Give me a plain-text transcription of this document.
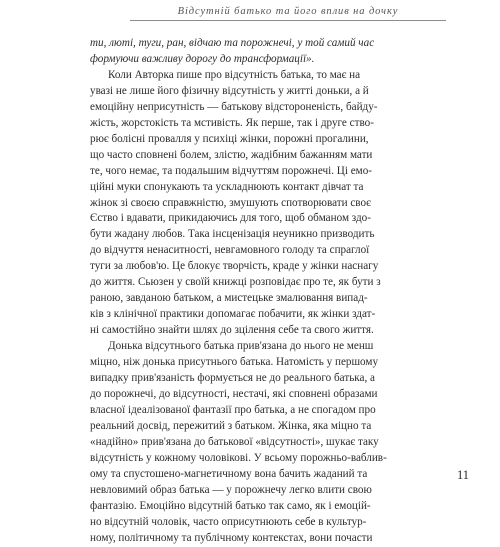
Відсутній батько та його вплив на дочку

ти, люті, туги, ран, відчаю та порожнечі, у той самий час
формуючи важливу дорогу до трансформації».

Коли Авторка пише про відсутність батька, то має на
увазі не лише його фізичну відсутність у житті доньки, а й
емоційну неприсутність — батькову відстороненість, байду-
жість, жорстокість та мстивість. Як перше, так і друге ство-
рює болісні провалля у психіці жінки, порожні прогалини,
що часто сповнені болем, злістю, жадібним бажанням мати
те, чого немає, та подальшим відчуттям порожнечі. Ці емо-
ційні муки спонукають та ускладнюють контакт дівчат та
жінок зі своєю справжністю, змушують спотворювати своє
Єство і вдавати, прикидаючись для того, щоб обманом здо-
бути жадану любов. Така інсценізація неуникно призводить
до відчуття ненаситності, невгамовного голоду та спраглої
туги за любов'ю. Це блокує творчість, краде у жінки наснагу
до життя. Сьюзен у своїй книжці розповідає про те, як бути з
раною, завданою батьком, а мистецьке змалювання випад-
ків з клінічної практики допомагає побачити, як жінки здат-
ні самостійно знайти шлях до зцілення себе та свого життя.

Донька відсутнього батька прив'язана до нього не менш
міцно, ніж донька присутнього батька. Натомість у першому
випадку прив'язаність формується не до реального батька, а
до порожнечі, до відсутності, нестачі, які сповнені образами
власної ідеалізованої фантазії про батька, а не спогадом про
реальний досвід, пережитий з батьком. Жінка, яка міцно та
«надійно» прив'язана до батькової «відсутності», шукає таку
відсутність у кожному чоловікові. У всьому порожньо-ваблив-
ому та спустошено-магнетичному вона бачить жаданий та
невловимий образ батька — у порожнечу легко влити свою
фантазію. Емоційно відсутній батько так само, як і емоцій-
но відсутній чоловік, часто оприсутнюють себе в культур-
ному, політичному та публічному контекстах, вони почасти

11
